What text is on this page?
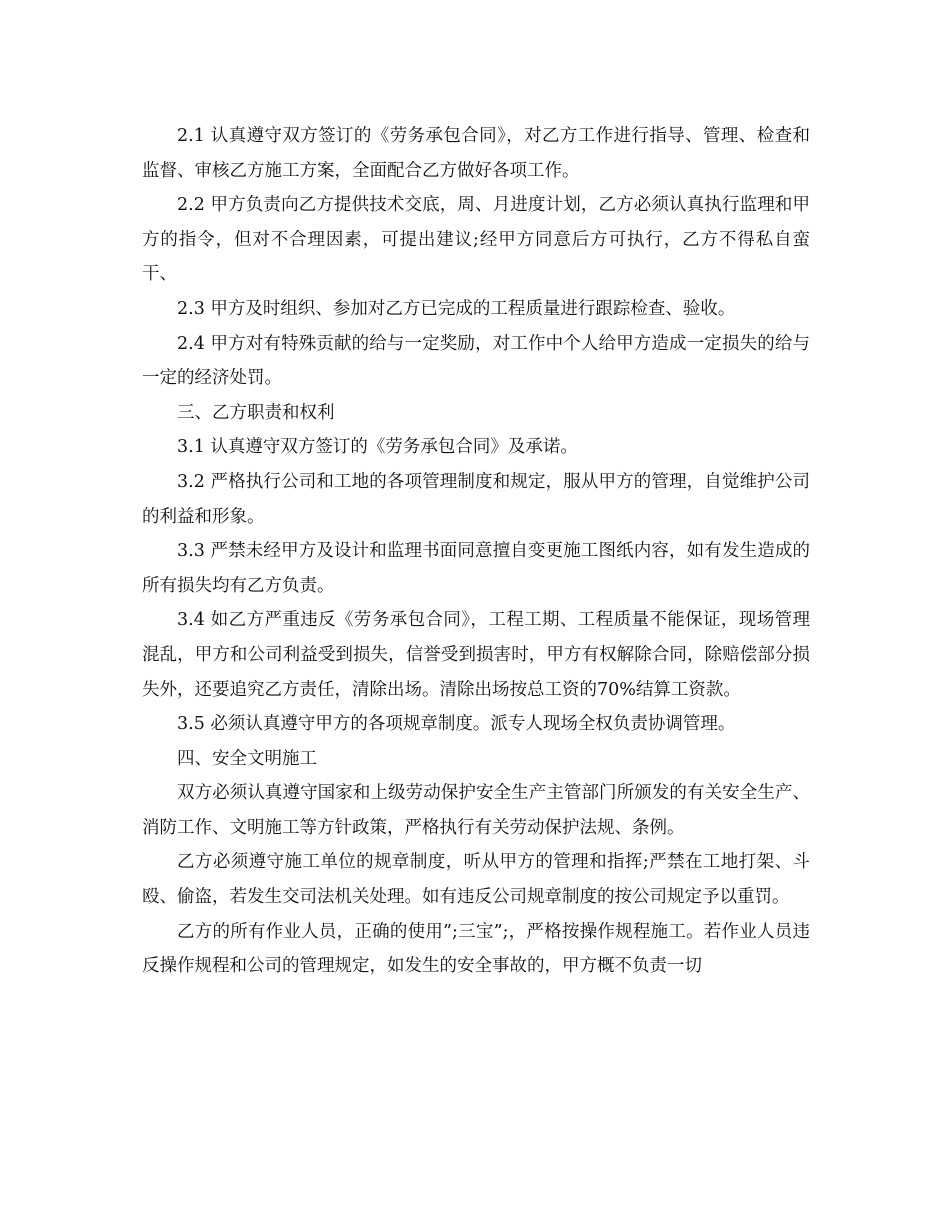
2.1 认真遵守双方签订的《劳务承包合同》，对乙方工作进行指导、管理、检查和监督、审核乙方施工方案，全面配合乙方做好各项工作。

2.2 甲方负责向乙方提供技术交底，周、月进度计划，乙方必须认真执行监理和甲方的指令，但对不合理因素，可提出建议;经甲方同意后方可执行，乙方不得私自蛮干、

2.3 甲方及时组织、参加对乙方已完成的工程质量进行跟踪检查、验收。

2.4 甲方对有特殊贡献的给与一定奖励，对工作中个人给甲方造成一定损失的给与一定的经济处罚。

三、乙方职责和权利

3.1 认真遵守双方签订的《劳务承包合同》及承诺。

3.2 严格执行公司和工地的各项管理制度和规定，服从甲方的管理，自觉维护公司的利益和形象。

3.3 严禁未经甲方及设计和监理书面同意擅自变更施工图纸内容，如有发生造成的所有损失均有乙方负责。

3.4 如乙方严重违反《劳务承包合同》，工程工期、工程质量不能保证，现场管理混乱，甲方和公司利益受到损失，信誉受到损害时，甲方有权解除合同，除赔偿部分损失外，还要追究乙方责任，清除出场。清除出场按总工资的70%结算工资款。

3.5 必须认真遵守甲方的各项规章制度。派专人现场全权负责协调管理。

四、安全文明施工

双方必须认真遵守国家和上级劳动保护安全生产主管部门所颁发的有关安全生产、消防工作、文明施工等方针政策，严格执行有关劳动保护法规、条例。

乙方必须遵守施工单位的规章制度，听从甲方的管理和指挥;严禁在工地打架、斗殴、偷盗，若发生交司法机关处理。如有违反公司规章制度的按公司规定予以重罚。

乙方的所有作业人员，正确的使用”;三宝”;，严格按操作规程施工。若作业人员违反操作规程和公司的管理规定，如发生的安全事故的，甲方概不负责一切
